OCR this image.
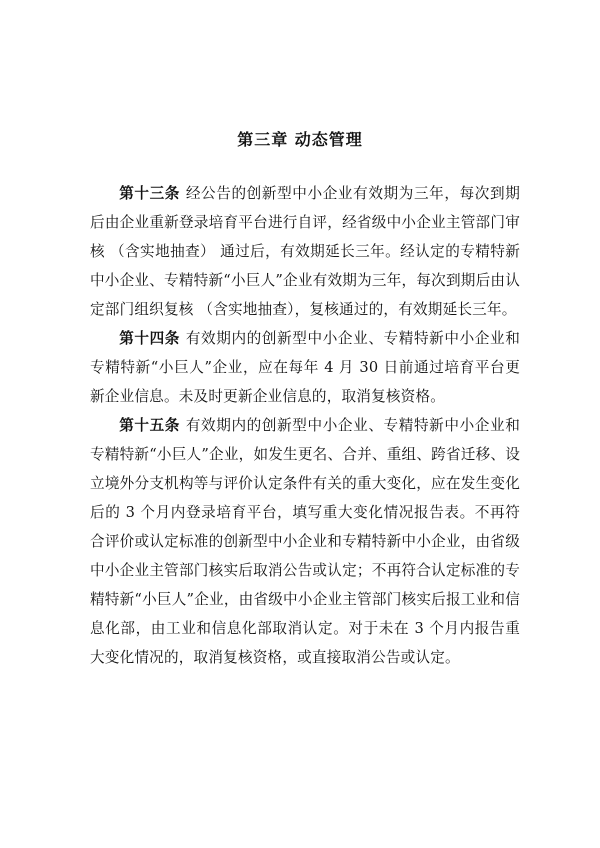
第三章 动态管理

第十三条 经公告的创新型中小企业有效期为三年，每次到期后由企业重新登录培育平台进行自评，经省级中小企业主管部门审核 （含实地抽查） 通过后，有效期延长三年。经认定的专精特新中小企业、专精特新“小巨人”企业有效期为三年，每次到期后由认定部门组织复核 （含实地抽查），复核通过的，有效期延长三年。

第十四条 有效期内的创新型中小企业、专精特新中小企业和专精特新“小巨人”企业，应在每年 4 月 30 日前通过培育平台更新企业信息。未及时更新企业信息的，取消复核资格。

第十五条 有效期内的创新型中小企业、专精特新中小企业和专精特新“小巨人”企业，如发生更名、合并、重组、跨省迁移、设立境外分支机构等与评价认定条件有关的重大变化，应在发生变化后的 3 个月内登录培育平台，填写重大变化情况报告表。不再符合评价或认定标准的创新型中小企业和专精特新中小企业，由省级中小企业主管部门核实后取消公告或认定；不再符合认定标准的专精特新“小巨人”企业，由省级中小企业主管部门核实后报工业和信息化部，由工业和信息化部取消认定。对于未在 3 个月内报告重大变化情况的，取消复核资格，或直接取消公告或认定。
